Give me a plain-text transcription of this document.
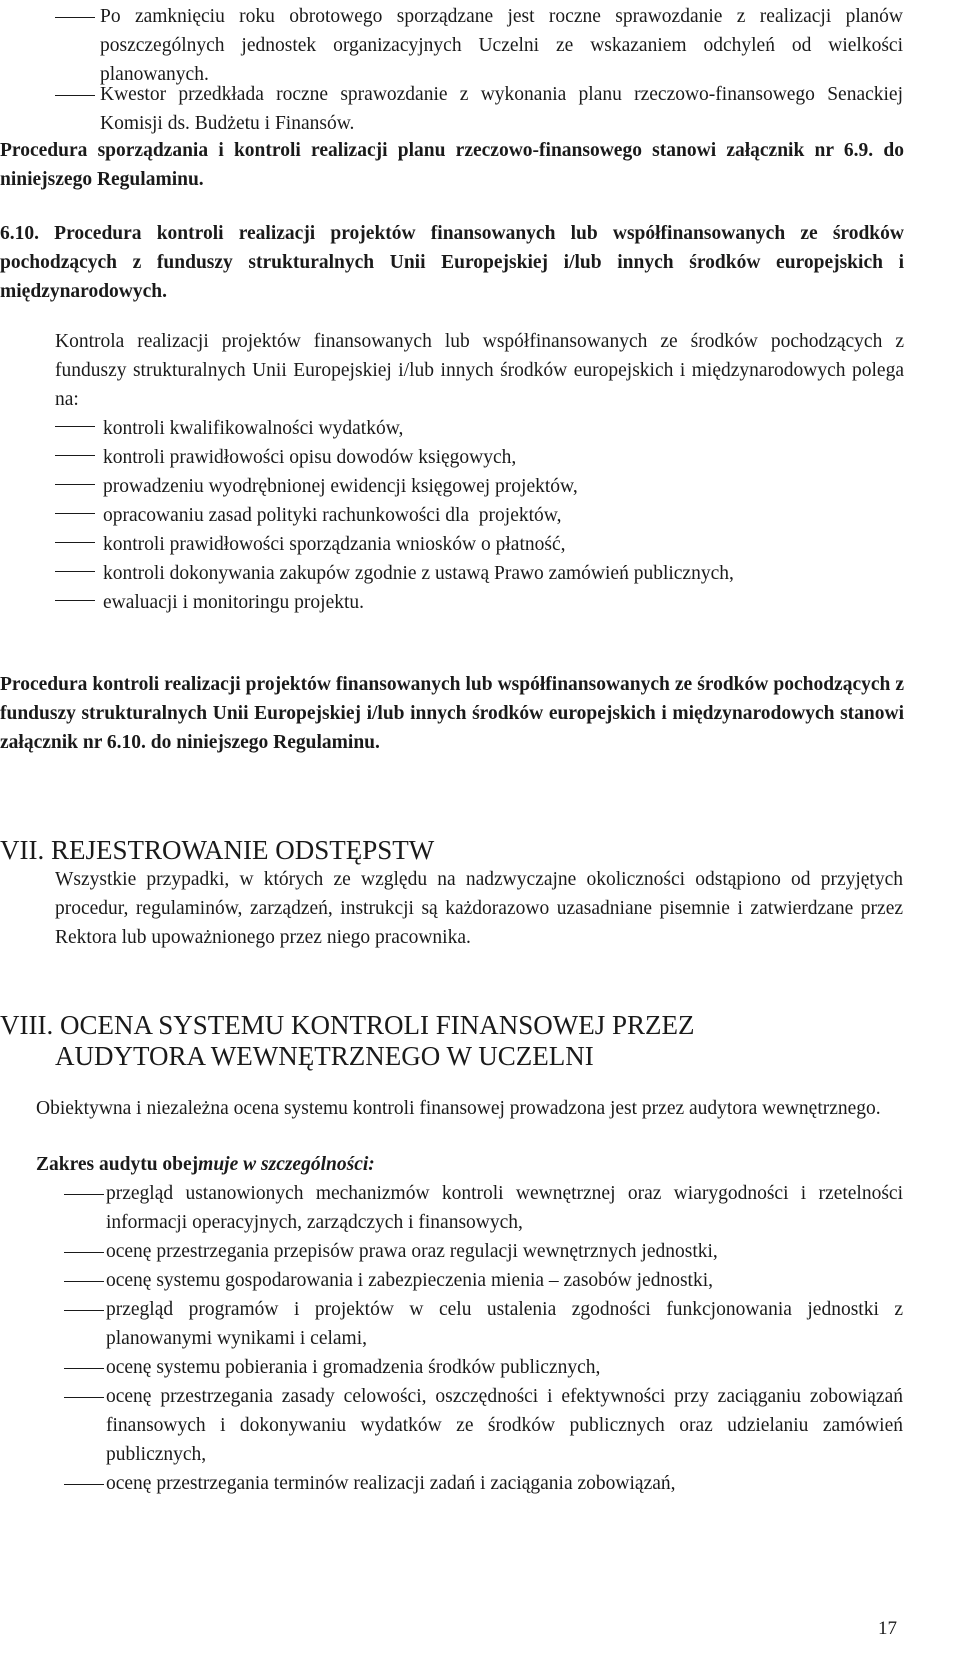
Po zamknięciu roku obrotowego sporządzane jest roczne sprawozdanie z realizacji planów poszczególnych jednostek organizacyjnych Uczelni ze wskazaniem odchyleń od wielkości planowanych.
Kwestor przedkłada roczne sprawozdanie z wykonania planu rzeczowo-finansowego Senackiej Komisji ds. Budżetu i Finansów.

Procedura sporządzania i kontroli realizacji planu rzeczowo-finansowego stanowi załącznik nr 6.9. do niniejszego Regulaminu.

6.10. Procedura kontroli realizacji projektów finansowanych lub współfinansowanych ze środków pochodzących z funduszy strukturalnych Unii Europejskiej i/lub innych środków europejskich i międzynarodowych.

Kontrola realizacji projektów finansowanych lub współfinansowanych ze środków pochodzących z funduszy strukturalnych Unii Europejskiej i/lub innych środków europejskich i międzynarodowych polega na:

kontroli kwalifikowalności wydatków,
kontroli prawidłowości opisu dowodów księgowych,
prowadzeniu wyodrębnionej ewidencji księgowej projektów,
opracowaniu zasad polityki rachunkowości dla  projektów,
kontroli prawidłowości sporządzania wniosków o płatność,
kontroli dokonywania zakupów zgodnie z ustawą Prawo zamówień publicznych,
ewaluacji i monitoringu projektu.

Procedura kontroli realizacji projektów finansowanych lub współfinansowanych ze środków pochodzących z funduszy strukturalnych Unii Europejskiej i/lub innych środków europejskich i międzynarodowych stanowi załącznik nr 6.10. do niniejszego Regulaminu.

VII. REJESTROWANIE ODSTĘPSTW

Wszystkie przypadki, w których ze względu na nadzwyczajne okoliczności odstąpiono od przyjętych procedur, regulaminów, zarządzeń, instrukcji są każdorazowo uzasadniane pisemnie i zatwierdzane przez Rektora lub upoważnionego przez niego pracownika.

VIII. OCENA SYSTEMU KONTROLI FINANSOWEJ PRZEZ
AUDYTORA WEWNĘTRZNEGO W UCZELNI

Obiektywna i niezależna ocena systemu kontroli finansowej prowadzona jest przez audytora wewnętrznego.

Zakres audytu obejmuje w szczególności:

przegląd ustanowionych mechanizmów kontroli wewnętrznej oraz wiarygodności i rzetelności informacji operacyjnych, zarządczych i finansowych,
ocenę przestrzegania przepisów prawa oraz regulacji wewnętrznych jednostki,
ocenę systemu gospodarowania i zabezpieczenia mienia – zasobów jednostki,
przegląd programów i projektów w celu ustalenia zgodności funkcjonowania jednostki z planowanymi wynikami i celami,
ocenę systemu pobierania i gromadzenia środków publicznych,
ocenę przestrzegania zasady celowości, oszczędności i efektywności przy zaciąganiu zobowiązań finansowych i dokonywaniu wydatków ze środków publicznych oraz udzielaniu zamówień publicznych,
ocenę przestrzegania terminów realizacji zadań i zaciągania zobowiązań,
17
